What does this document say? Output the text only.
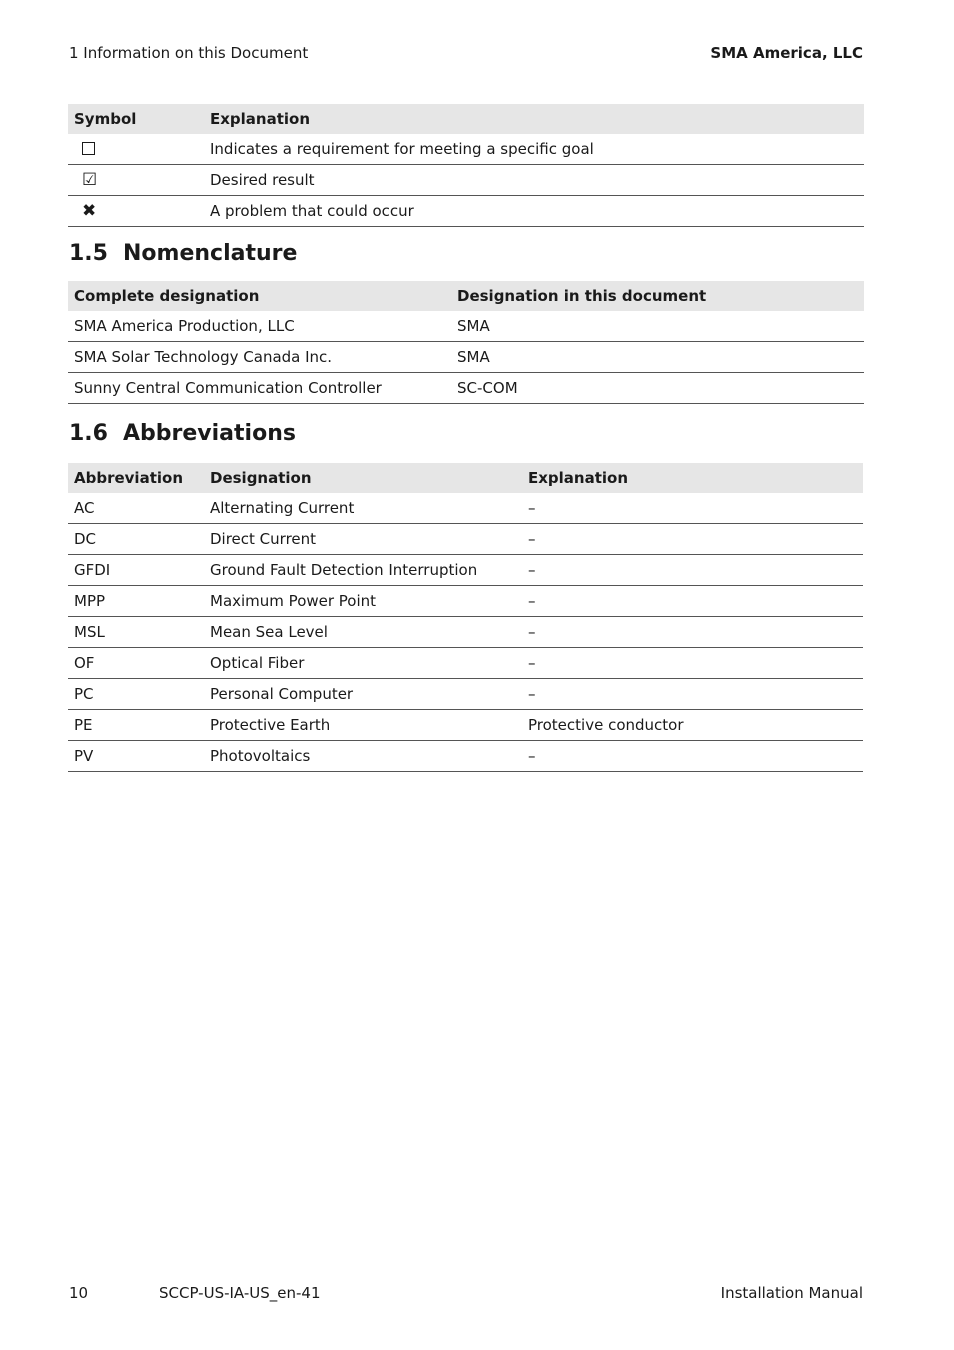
1 Information on this Document	SMA America, LLC
Symbol	Explanation
	Indicates a requirement for meeting a specific goal
☑	Desired result
✖	A problem that could occur
1.5 Nomenclature
Complete designation	Designation in this document
SMA America Production, LLC	SMA
SMA Solar Technology Canada Inc.	SMA
Sunny Central Communication Controller	SC-COM
1.6 Abbreviations
Abbreviation	Designation	Explanation
AC	Alternating Current	–
DC	Direct Current	–
GFDI	Ground Fault Detection Interruption	–
MPP	Maximum Power Point	–
MSL	Mean Sea Level	–
OF	Optical Fiber	–
PC	Personal Computer	–
PE	Protective Earth	Protective conductor
PV	Photovoltaics	–
10	SCCP-US-IA-US_en-41	Installation Manual
